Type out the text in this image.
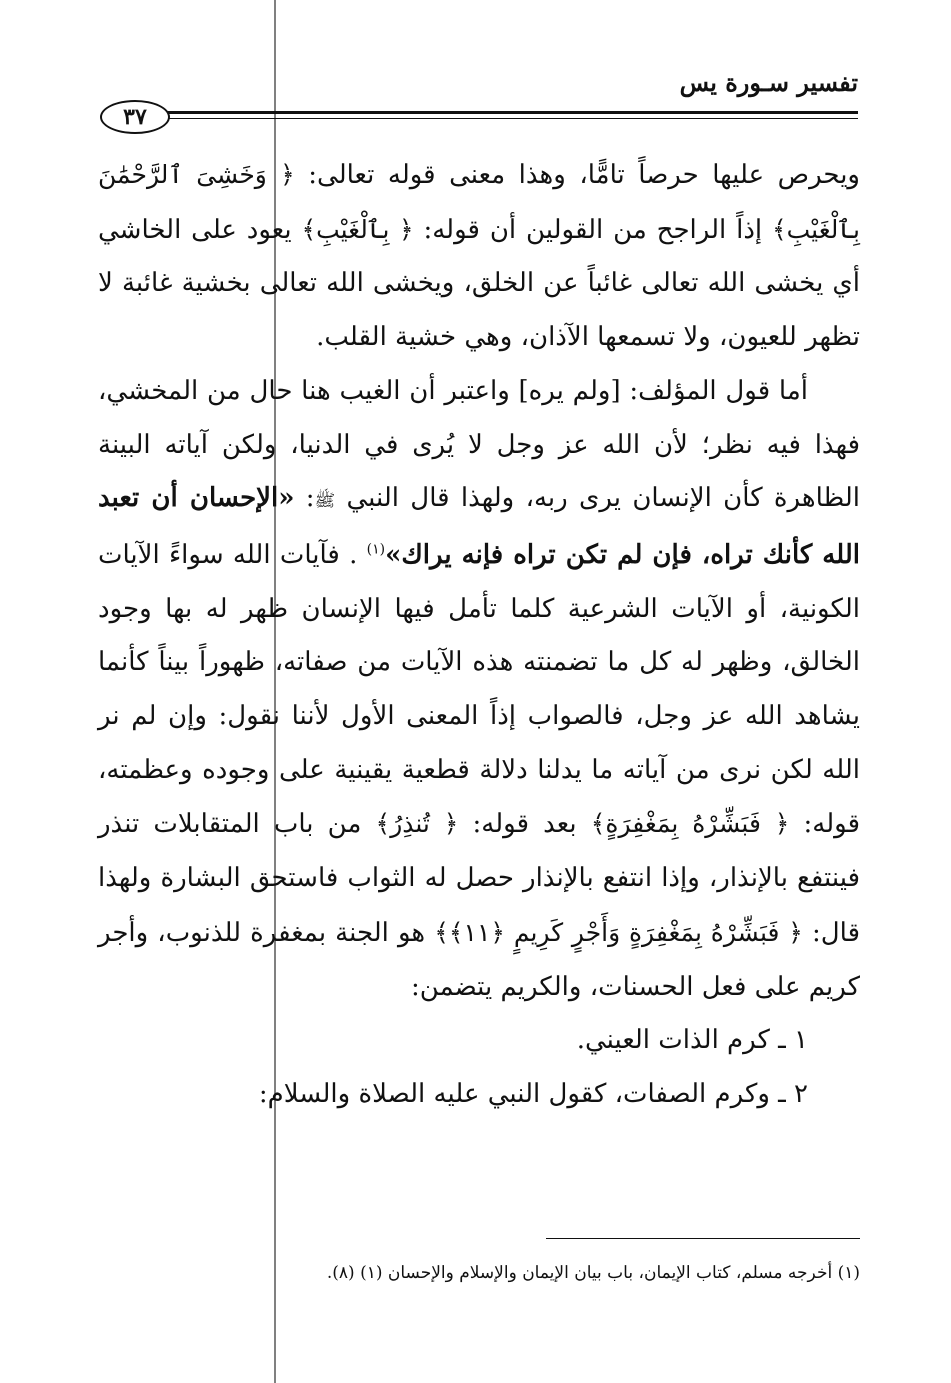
تفسير سـورة يس
٣٧

ويحرص عليها حرصاً تامًّا، وهذا معنى قوله تعالى: ﴿ وَخَشِىَ ٱلرَّحْمَٰنَ بِٱلْغَيْبِ﴾ إذاً الراجح من القولين أن قوله: ﴿ بِٱلْغَيْبِ﴾ يعود على الخاشي أي يخشى الله تعالى غائباً عن الخلق، ويخشى الله تعالى بخشية غائبة لا تظهر للعيون، ولا تسمعها الآذان، وهي خشية القلب.

أما قول المؤلف: [ولم يره] واعتبر أن الغيب هنا حال من المخشي، فهذا فيه نظر؛ لأن الله عز وجل لا يُرى في الدنيا، ولكن آياته البينة الظاهرة كأن الإنسان يرى ربه، ولهذا قال النبي ﷺ: «الإحسان أن تعبد الله كأنك تراه، فإن لم تكن تراه فإنه يراك»$^{(١)}$ . فآيات الله سواءً الآيات الكونية، أو الآيات الشرعية كلما تأمل فيها الإنسان ظهر له بها وجود الخالق، وظهر له كل ما تضمنته هذه الآيات من صفاته، ظهوراً بيناً كأنما يشاهد الله عز وجل، فالصواب إذاً المعنى الأول لأننا نقول: وإن لم نر الله لكن نرى من آياته ما يدلنا دلالة قطعية يقينية على وجوده وعظمته، قوله: ﴿ فَبَشِّرْهُ بِمَغْفِرَةٍ﴾ بعد قوله: ﴿ تُنذِرُ﴾ من باب المتقابلات تنذر فينتفع بالإنذار، وإذا انتفع بالإنذار حصل له الثواب فاستحق البشارة ولهذا قال: ﴿ فَبَشِّرْهُ بِمَغْفِرَةٍ وَأَجْرٍ كَرِيمٍ ﴿١١﴾﴾ هو الجنة بمغفرة للذنوب، وأجر كريم على فعل الحسنات، والكريم يتضمن:

١ ـ كرم الذات العيني.

٢ ـ وكرم الصفات، كقول النبي عليه الصلاة والسلام:

(١) أخرجه مسلم، كتاب الإيمان، باب بيان الإيمان والإسلام والإحسان (١) (٨).
